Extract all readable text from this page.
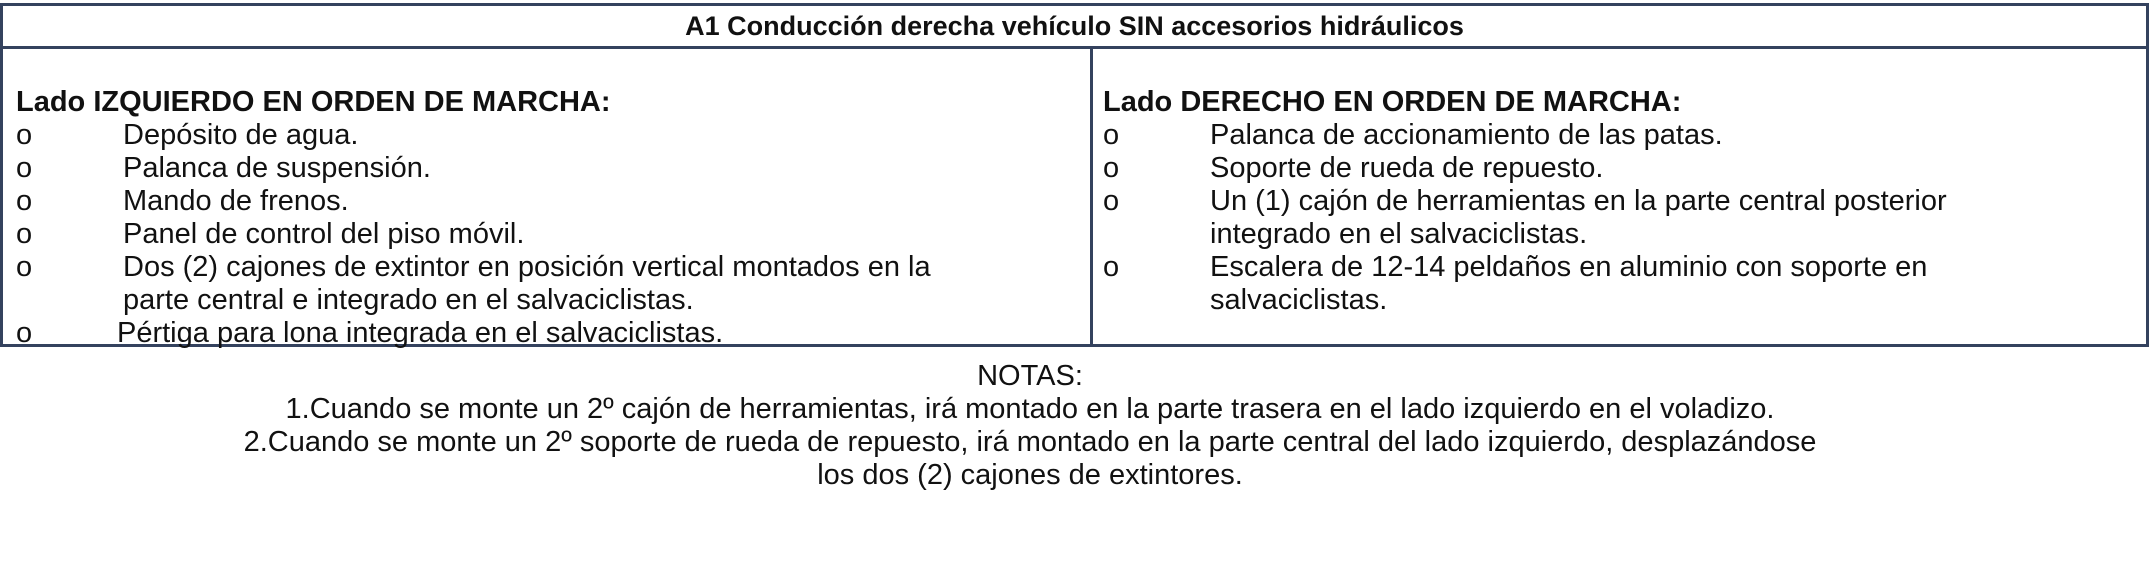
A1 Conducción derecha vehículo SIN accesorios hidráulicos
Lado IZQUIERDO EN ORDEN DE MARCHA:
o	Depósito de agua.
o	Palanca de suspensión.
o	Mando de frenos.
o	Panel de control del piso móvil.
o	Dos (2) cajones de extintor en posición vertical montados en la parte central e integrado en el salvaciclistas.
o	Pértiga para lona integrada en el salvaciclistas.
Lado DERECHO EN ORDEN DE MARCHA:
o	Palanca de accionamiento de las patas.
o	Soporte de rueda de repuesto.
o	Un (1) cajón de herramientas en la parte central posterior integrado en el salvaciclistas.
o	Escalera de 12-14 peldaños en aluminio con soporte en salvaciclistas.
NOTAS:
1.Cuando se monte un 2º cajón de herramientas, irá montado en la parte trasera en el lado izquierdo en el voladizo.
2.Cuando se monte un 2º soporte de rueda de repuesto, irá montado en la parte central del lado izquierdo, desplazándose
los dos (2) cajones de extintores.
